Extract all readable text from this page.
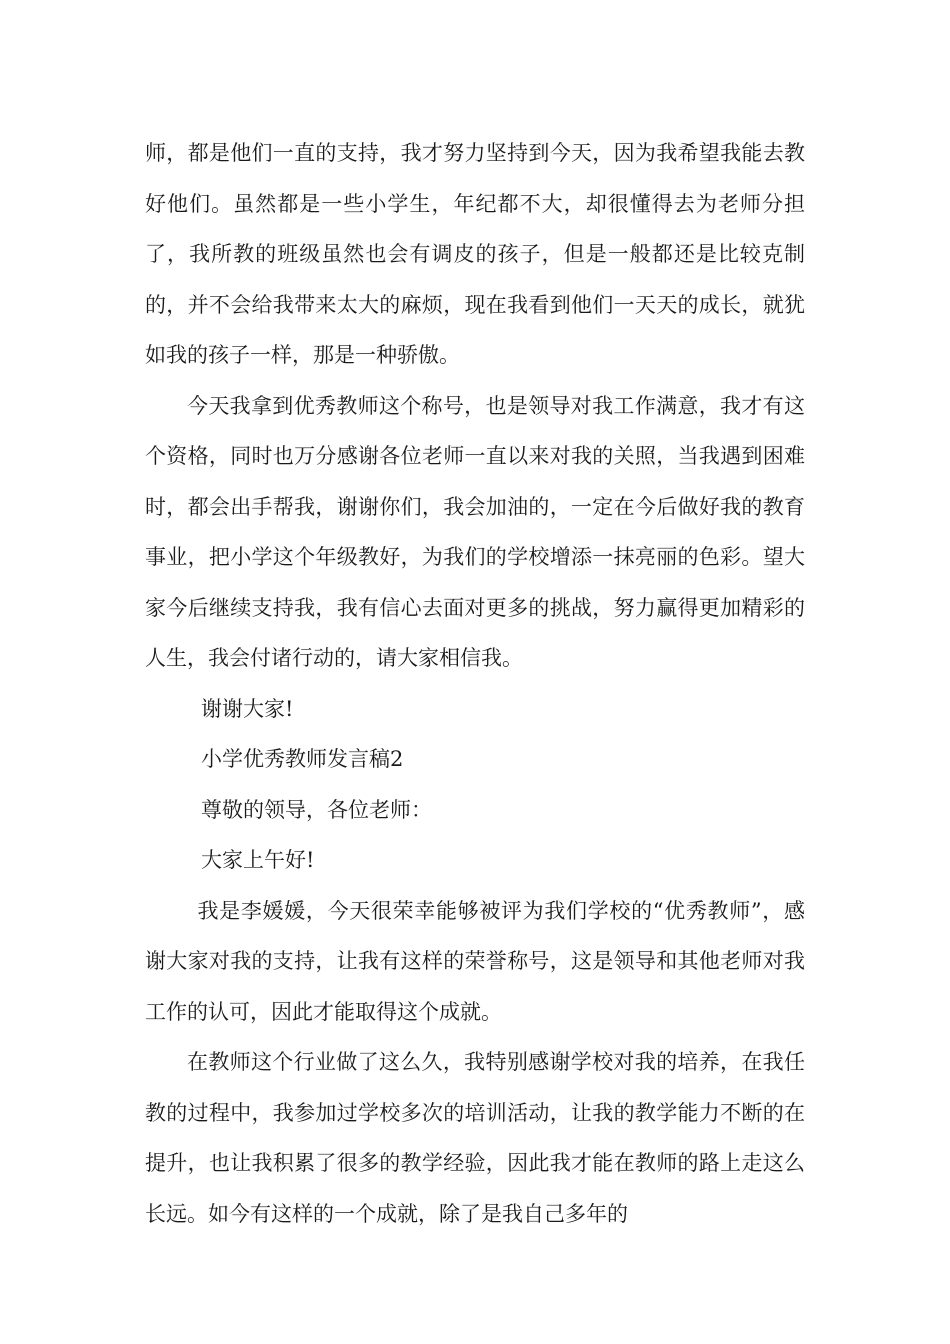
师，都是他们一直的支持，我才努力坚持到今天，因为我希望我能去教好他们。虽然都是一些小学生，年纪都不大，却很懂得去为老师分担了，我所教的班级虽然也会有调皮的孩子，但是一般都还是比较克制的，并不会给我带来太大的麻烦，现在我看到他们一天天的成长，就犹如我的孩子一样，那是一种骄傲。

今天我拿到优秀教师这个称号，也是领导对我工作满意，我才有这个资格，同时也万分感谢各位老师一直以来对我的关照，当我遇到困难时，都会出手帮我，谢谢你们，我会加油的，一定在今后做好我的教育事业，把小学这个年级教好，为我们的学校增添一抹亮丽的色彩。望大家今后继续支持我，我有信心去面对更多的挑战，努力赢得更加精彩的人生，我会付诸行动的，请大家相信我。

谢谢大家!

小学优秀教师发言稿2

尊敬的领导，各位老师：

大家上午好!

我是李媛媛，今天很荣幸能够被评为我们学校的“优秀教师”，感谢大家对我的支持，让我有这样的荣誉称号，这是领导和其他老师对我工作的认可，因此才能取得这个成就。

在教师这个行业做了这么久，我特别感谢学校对我的培养，在我任教的过程中，我参加过学校多次的培训活动，让我的教学能力不断的在提升，也让我积累了很多的教学经验，因此我才能在教师的路上走这么长远。如今有这样的一个成就，除了是我自己多年的
